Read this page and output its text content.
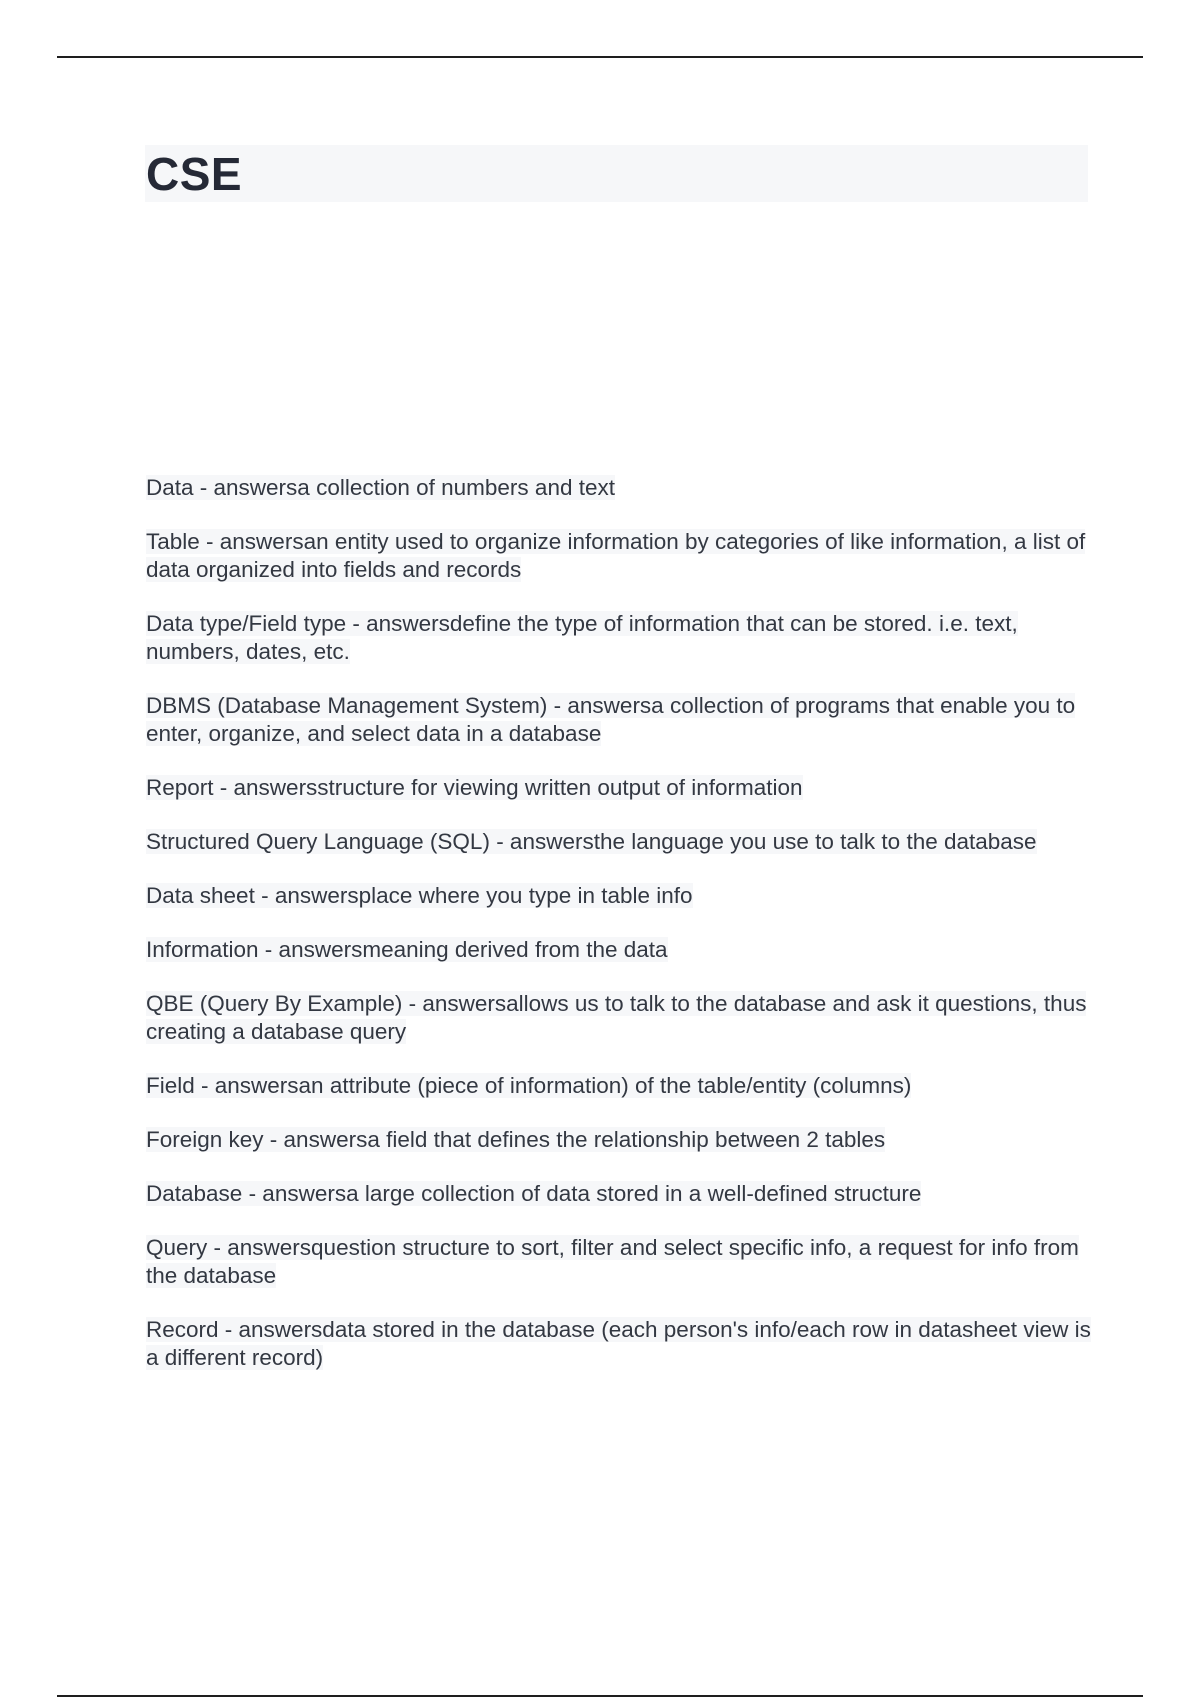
CSE

Data - answersa collection of numbers and text

Table - answersan entity used to organize information by categories of like information, a list of data organized into fields and records

Data type/Field type - answersdefine the type of information that can be stored. i.e. text, numbers, dates, etc.

DBMS (Database Management System) - answersa collection of programs that enable you to enter, organize, and select data in a database

Report - answersstructure for viewing written output of information

Structured Query Language (SQL) - answersthe language you use to talk to the database

Data sheet - answersplace where you type in table info

Information - answersmeaning derived from the data

QBE (Query By Example) - answersallows us to talk to the database and ask it questions, thus creating a database query

Field - answersan attribute (piece of information) of the table/entity (columns)

Foreign key - answersa field that defines the relationship between 2 tables

Database - answersa large collection of data stored in a well-defined structure

Query - answersquestion structure to sort, filter and select specific info, a request for info from the database

Record - answersdata stored in the database (each person's info/each row in datasheet view is a different record)
